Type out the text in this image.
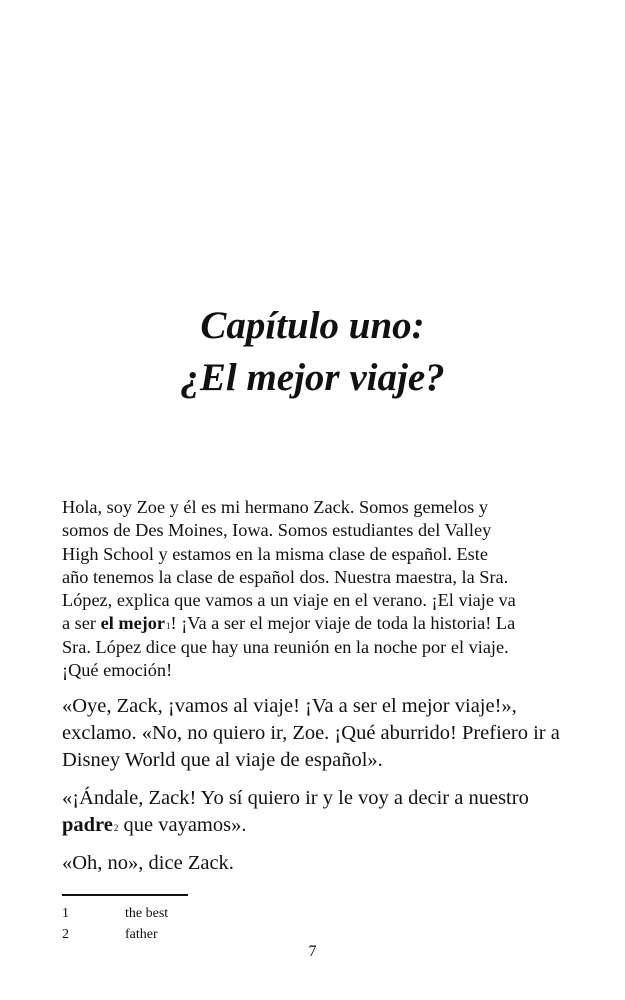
Capítulo uno:
¿El mejor viaje?

Hola, soy Zoe y él es mi hermano Zack. Somos gemelos y
somos de Des Moines, Iowa. Somos estudiantes del Valley
High School y estamos en la misma clase de español. Este
año tenemos la clase de español dos. Nuestra maestra, la Sra.
López, explica que vamos a un viaje en el verano. ¡El viaje va
a ser el mejor$^1$! ¡Va a ser el mejor viaje de toda la historia! La
Sra. López dice que hay una reunión en la noche por el viaje.
¡Qué emoción!

«Oye, Zack, ¡vamos al viaje! ¡Va a ser el mejor viaje!»,
exclamo. «No, no quiero ir, Zoe. ¡Qué aburrido! Prefiero ir a
Disney World que al viaje de español».

«¡Ándale, Zack! Yo sí quiero ir y le voy a decir a nuestro
padre$^2$ que vayamos».

«Oh, no», dice Zack.

1	the best
2	father
7
